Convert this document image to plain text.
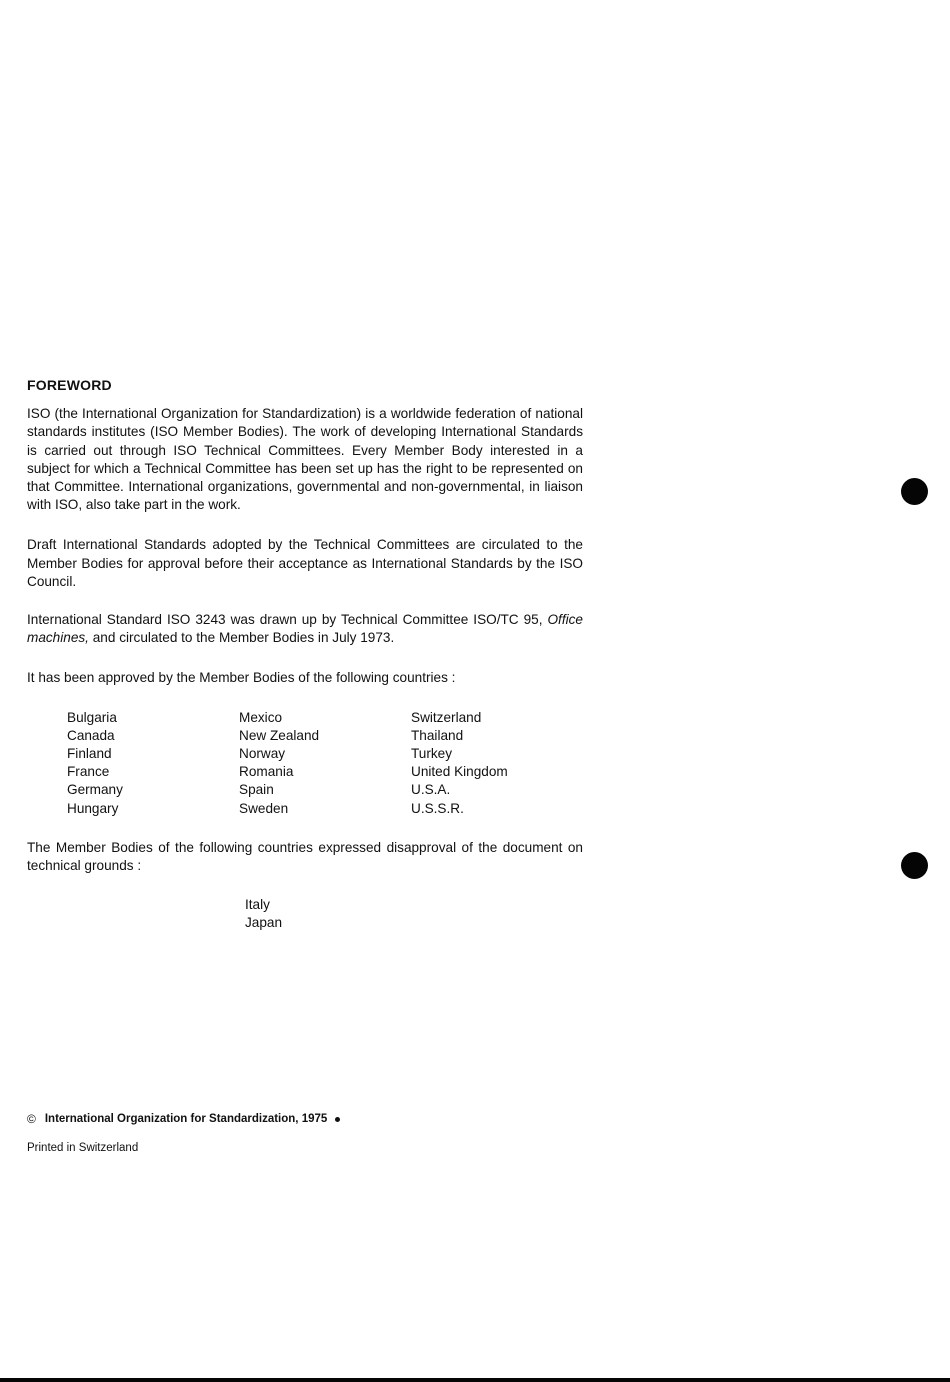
FOREWORD

ISO (the International Organization for Standardization) is a worldwide federation of national standards institutes (ISO Member Bodies). The work of developing International Standards is carried out through ISO Technical Committees. Every Member Body interested in a subject for which a Technical Committee has been set up has the right to be represented on that Committee. International organizations, governmental and non-governmental, in liaison with ISO, also take part in the work.

Draft International Standards adopted by the Technical Committees are circulated to the Member Bodies for approval before their acceptance as International Standards by the ISO Council.

International Standard ISO 3243 was drawn up by Technical Committee ISO/TC 95, Office machines, and circulated to the Member Bodies in July 1973.

It has been approved by the Member Bodies of the following countries :

Bulgaria
Canada
Finland
France
Germany
Hungary
Mexico
New Zealand
Norway
Romania
Spain
Sweden
Switzerland
Thailand
Turkey
United Kingdom
U.S.A.
U.S.S.R.

The Member Bodies of the following countries expressed disapproval of the document on technical grounds :

Italy
Japan
© International Organization for Standardization, 1975
Printed in Switzerland
